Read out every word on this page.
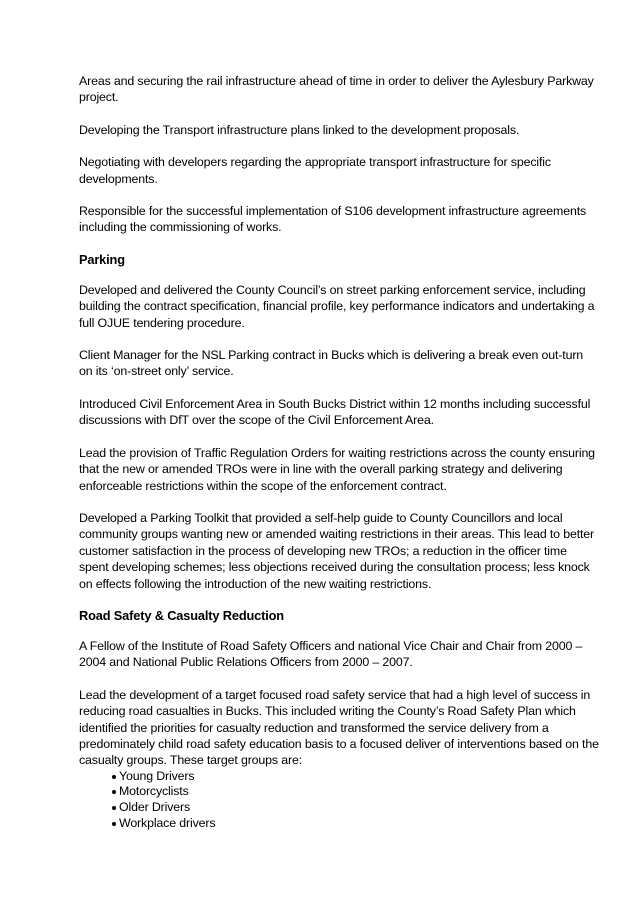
Areas and securing the rail infrastructure ahead of time in order to deliver the Aylesbury Parkway project.

Developing the Transport infrastructure plans linked to the development proposals.

Negotiating with developers regarding the appropriate transport infrastructure for specific developments.

Responsible for the successful implementation of S106 development infrastructure agreements including the commissioning of works.

Parking

Developed and delivered the County Council’s on street parking enforcement service, including building the contract specification, financial profile, key performance indicators and undertaking a full OJUE tendering procedure.

Client Manager for the NSL Parking contract in Bucks which is delivering a break even out-turn on its ‘on-street only’ service.

Introduced Civil Enforcement Area in South Bucks District within 12 months including successful discussions with DfT over the scope of the Civil Enforcement Area.

Lead the provision of Traffic Regulation Orders for waiting restrictions across the county ensuring that the new or amended TROs were in line with the overall parking strategy and delivering enforceable restrictions within the scope of the enforcement contract.

Developed a Parking Toolkit that provided a self-help guide to County Councillors and local community groups wanting new or amended waiting restrictions in their areas. This lead to better customer satisfaction in the process of developing new TROs; a reduction in the officer time spent developing schemes; less objections received during the consultation process; less knock on effects following the introduction of the new waiting restrictions.

Road Safety & Casualty Reduction

A Fellow of the Institute of Road Safety Officers and national Vice Chair and Chair from 2000 – 2004 and National Public Relations Officers from 2000 – 2007.

Lead the development of a target focused road safety service that had a high level of success in reducing road casualties in Bucks. This included writing the County’s Road Safety Plan which identified the priorities for casualty reduction and transformed the service delivery from a predominately child road safety education basis to a focused deliver of interventions based on the casualty groups. These target groups are:

Young Drivers
Motorcyclists
Older Drivers
Workplace drivers
